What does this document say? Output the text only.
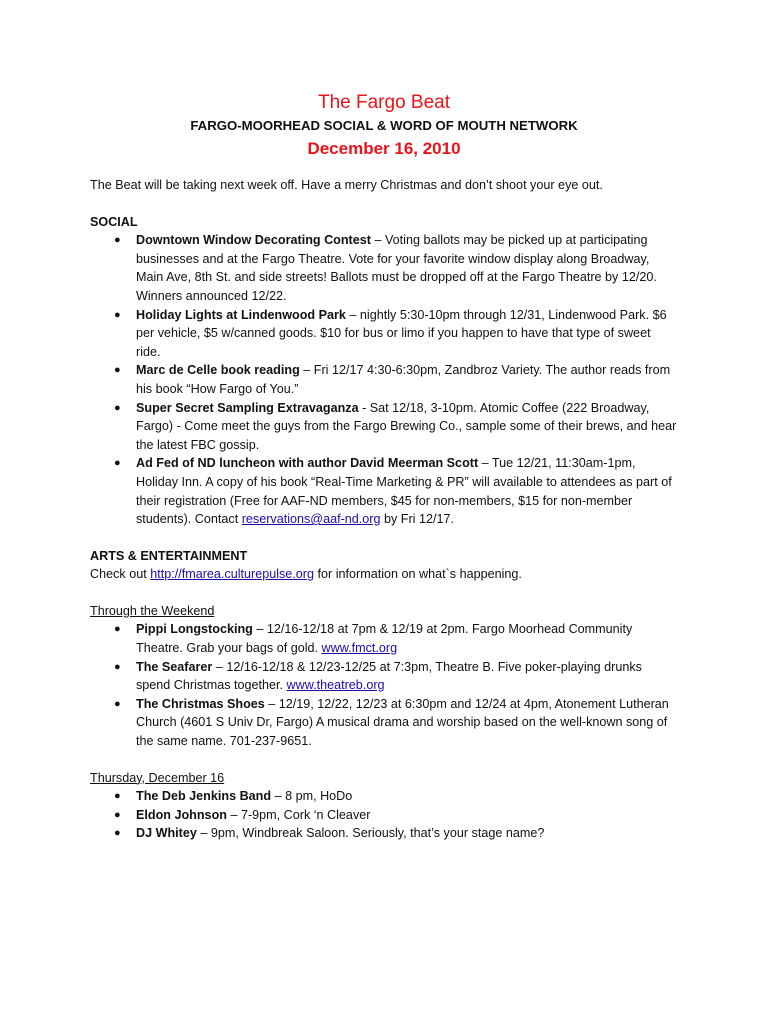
The Fargo Beat

FARGO-MOORHEAD SOCIAL & WORD OF MOUTH NETWORK

December 16, 2010

The Beat will be taking next week off. Have a merry Christmas and don’t shoot your eye out.

SOCIAL

● Downtown Window Decorating Contest – Voting ballots may be picked up at participating businesses and at the Fargo Theatre. Vote for your favorite window display along Broadway, Main Ave, 8th St. and side streets! Ballots must be dropped off at the Fargo Theatre by 12/20. Winners announced 12/22.
● Holiday Lights at Lindenwood Park – nightly 5:30-10pm through 12/31, Lindenwood Park. $6 per vehicle, $5 w/canned goods. $10 for bus or limo if you happen to have that type of sweet ride.
● Marc de Celle book reading – Fri 12/17 4:30-6:30pm, Zandbroz Variety. The author reads from his book “How Fargo of You.”
● Super Secret Sampling Extravaganza - Sat 12/18, 3-10pm. Atomic Coffee (222 Broadway, Fargo) - Come meet the guys from the Fargo Brewing Co., sample some of their brews, and hear the latest FBC gossip.
● Ad Fed of ND luncheon with author David Meerman Scott – Tue 12/21, 11:30am-1pm, Holiday Inn. A copy of his book “Real-Time Marketing & PR” will available to attendees as part of their registration (Free for AAF-ND members, $45 for non-members, $15 for non-member students). Contact reservations@aaf-nd.org by Fri 12/17.

ARTS & ENTERTAINMENT

Check out http://fmarea.culturepulse.org for information on what`s happening.

Through the Weekend

● Pippi Longstocking – 12/16-12/18 at 7pm & 12/19 at 2pm. Fargo Moorhead Community Theatre. Grab your bags of gold. www.fmct.org
● The Seafarer – 12/16-12/18 & 12/23-12/25 at 7:3pm, Theatre B. Five poker-playing drunks spend Christmas together. www.theatreb.org
● The Christmas Shoes – 12/19, 12/22, 12/23 at 6:30pm and 12/24 at 4pm, Atonement Lutheran Church (4601 S Univ Dr, Fargo) A musical drama and worship based on the well-known song of the same name. 701-237-9651.

Thursday, December 16

● The Deb Jenkins Band – 8 pm, HoDo
● Eldon Johnson – 7-9pm, Cork ‘n Cleaver
● DJ Whitey – 9pm, Windbreak Saloon. Seriously, that’s your stage name?
